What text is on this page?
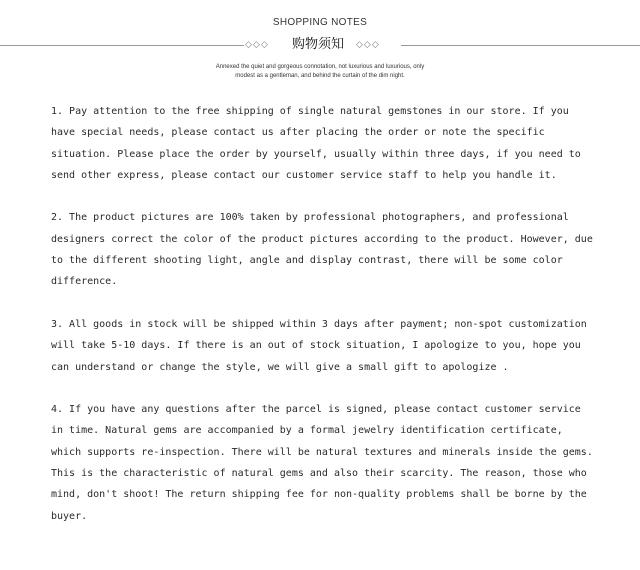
SHOPPING NOTES
◇◇◇	购物须知	◇◇◇
Annexed the quiet and gorgeous connotation, not luxurious and luxurious, only
modest as a gentleman, and behind the curtain of the dim night.
1. Pay attention to the free shipping of single natural gemstones in our store. If you have special needs, please contact us after placing the order or note the specific situation. Please place the order by yourself, usually within three days, if you need to send other express, please contact our customer service staff to help you handle it.
2. The product pictures are 100% taken by professional photographers, and professional designers correct the color of the product pictures according to the product. However, due to the different shooting light, angle and display contrast, there will be some color difference.
3. All goods in stock will be shipped within 3 days after payment; non-spot customization will take 5-10 days. If there is an out of stock situation, I apologize to you, hope you can understand or change the style, we will give a small gift to apologize .
4. If you have any questions after the parcel is signed, please contact customer service in time. Natural gems are accompanied by a formal jewelry identification certificate, which supports re-inspection. There will be natural textures and minerals inside the gems. This is the characteristic of natural gems and also their scarcity. The reason, those who mind, don't shoot! The return shipping fee for non-quality problems shall be borne by the buyer.
